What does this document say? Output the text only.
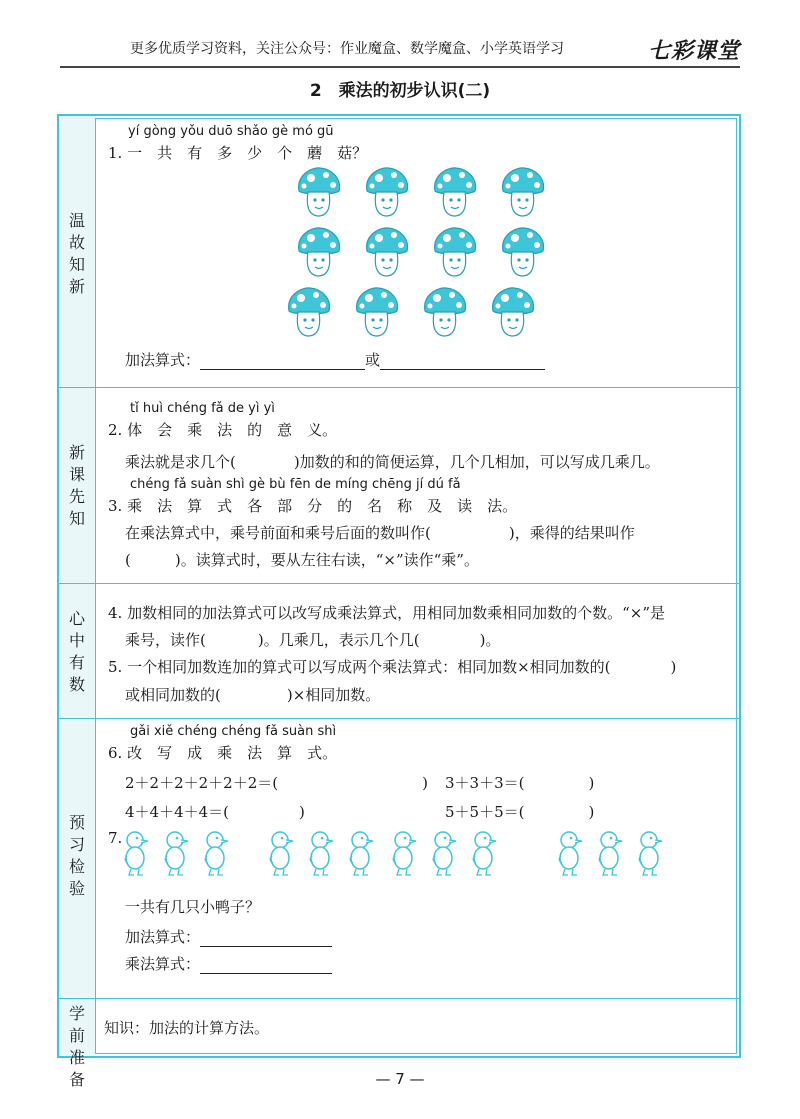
更多优质学习资料，关注公众号：作业魔盒、数学魔盒、小学英语学习	七彩课堂
2　乘法的初步认识(二)
温
故
知
新
新
课
先
知
心
中
有
数
预
习
检
验
学
前
准
备
yí gòng yǒu duō shǎo gè mó gū
1. 一　共　有　多　少　个　蘑　菇？
加法算式：	或
tǐ huì chéng fǎ de yì yì
2. 体　会　乘　法　的　意　义。
乘法就是求几个(	)加数的和的简便运算，几个几相加，可以写成几乘几。
chéng fǎ suàn shì gè bù fēn de míng chēng jí dú fǎ
3. 乘　法　算　式　各　部　分　的　名　称　及　读　法。
在乘法算式中，乘号前面和乘号后面的数叫作(	)，乘得的结果叫作
(	)。读算式时，要从左往右读，“×”读作“乘”。
4. 加数相同的加法算式可以改写成乘法算式，用相同加数乘相同加数的个数。“×”是
乘号，读作(	)。几乘几，表示几个几(	)。
5. 一个相同加数连加的算式可以写成两个乘法算式：相同加数×相同加数的(	)
或相同加数的(	)×相同加数。
gǎi xiě chéng chéng fǎ suàn shì
6. 改　写　成　乘　法　算　式。
2＋2＋2＋2＋2＋2＝(	) 3＋3＋3＝(	)
4＋4＋4＋4＝(	)	5＋5＋5＝(	)
7.
一共有几只小鸭子？
加法算式：
乘法算式：
知识：加法的计算方法。
— 7 —
